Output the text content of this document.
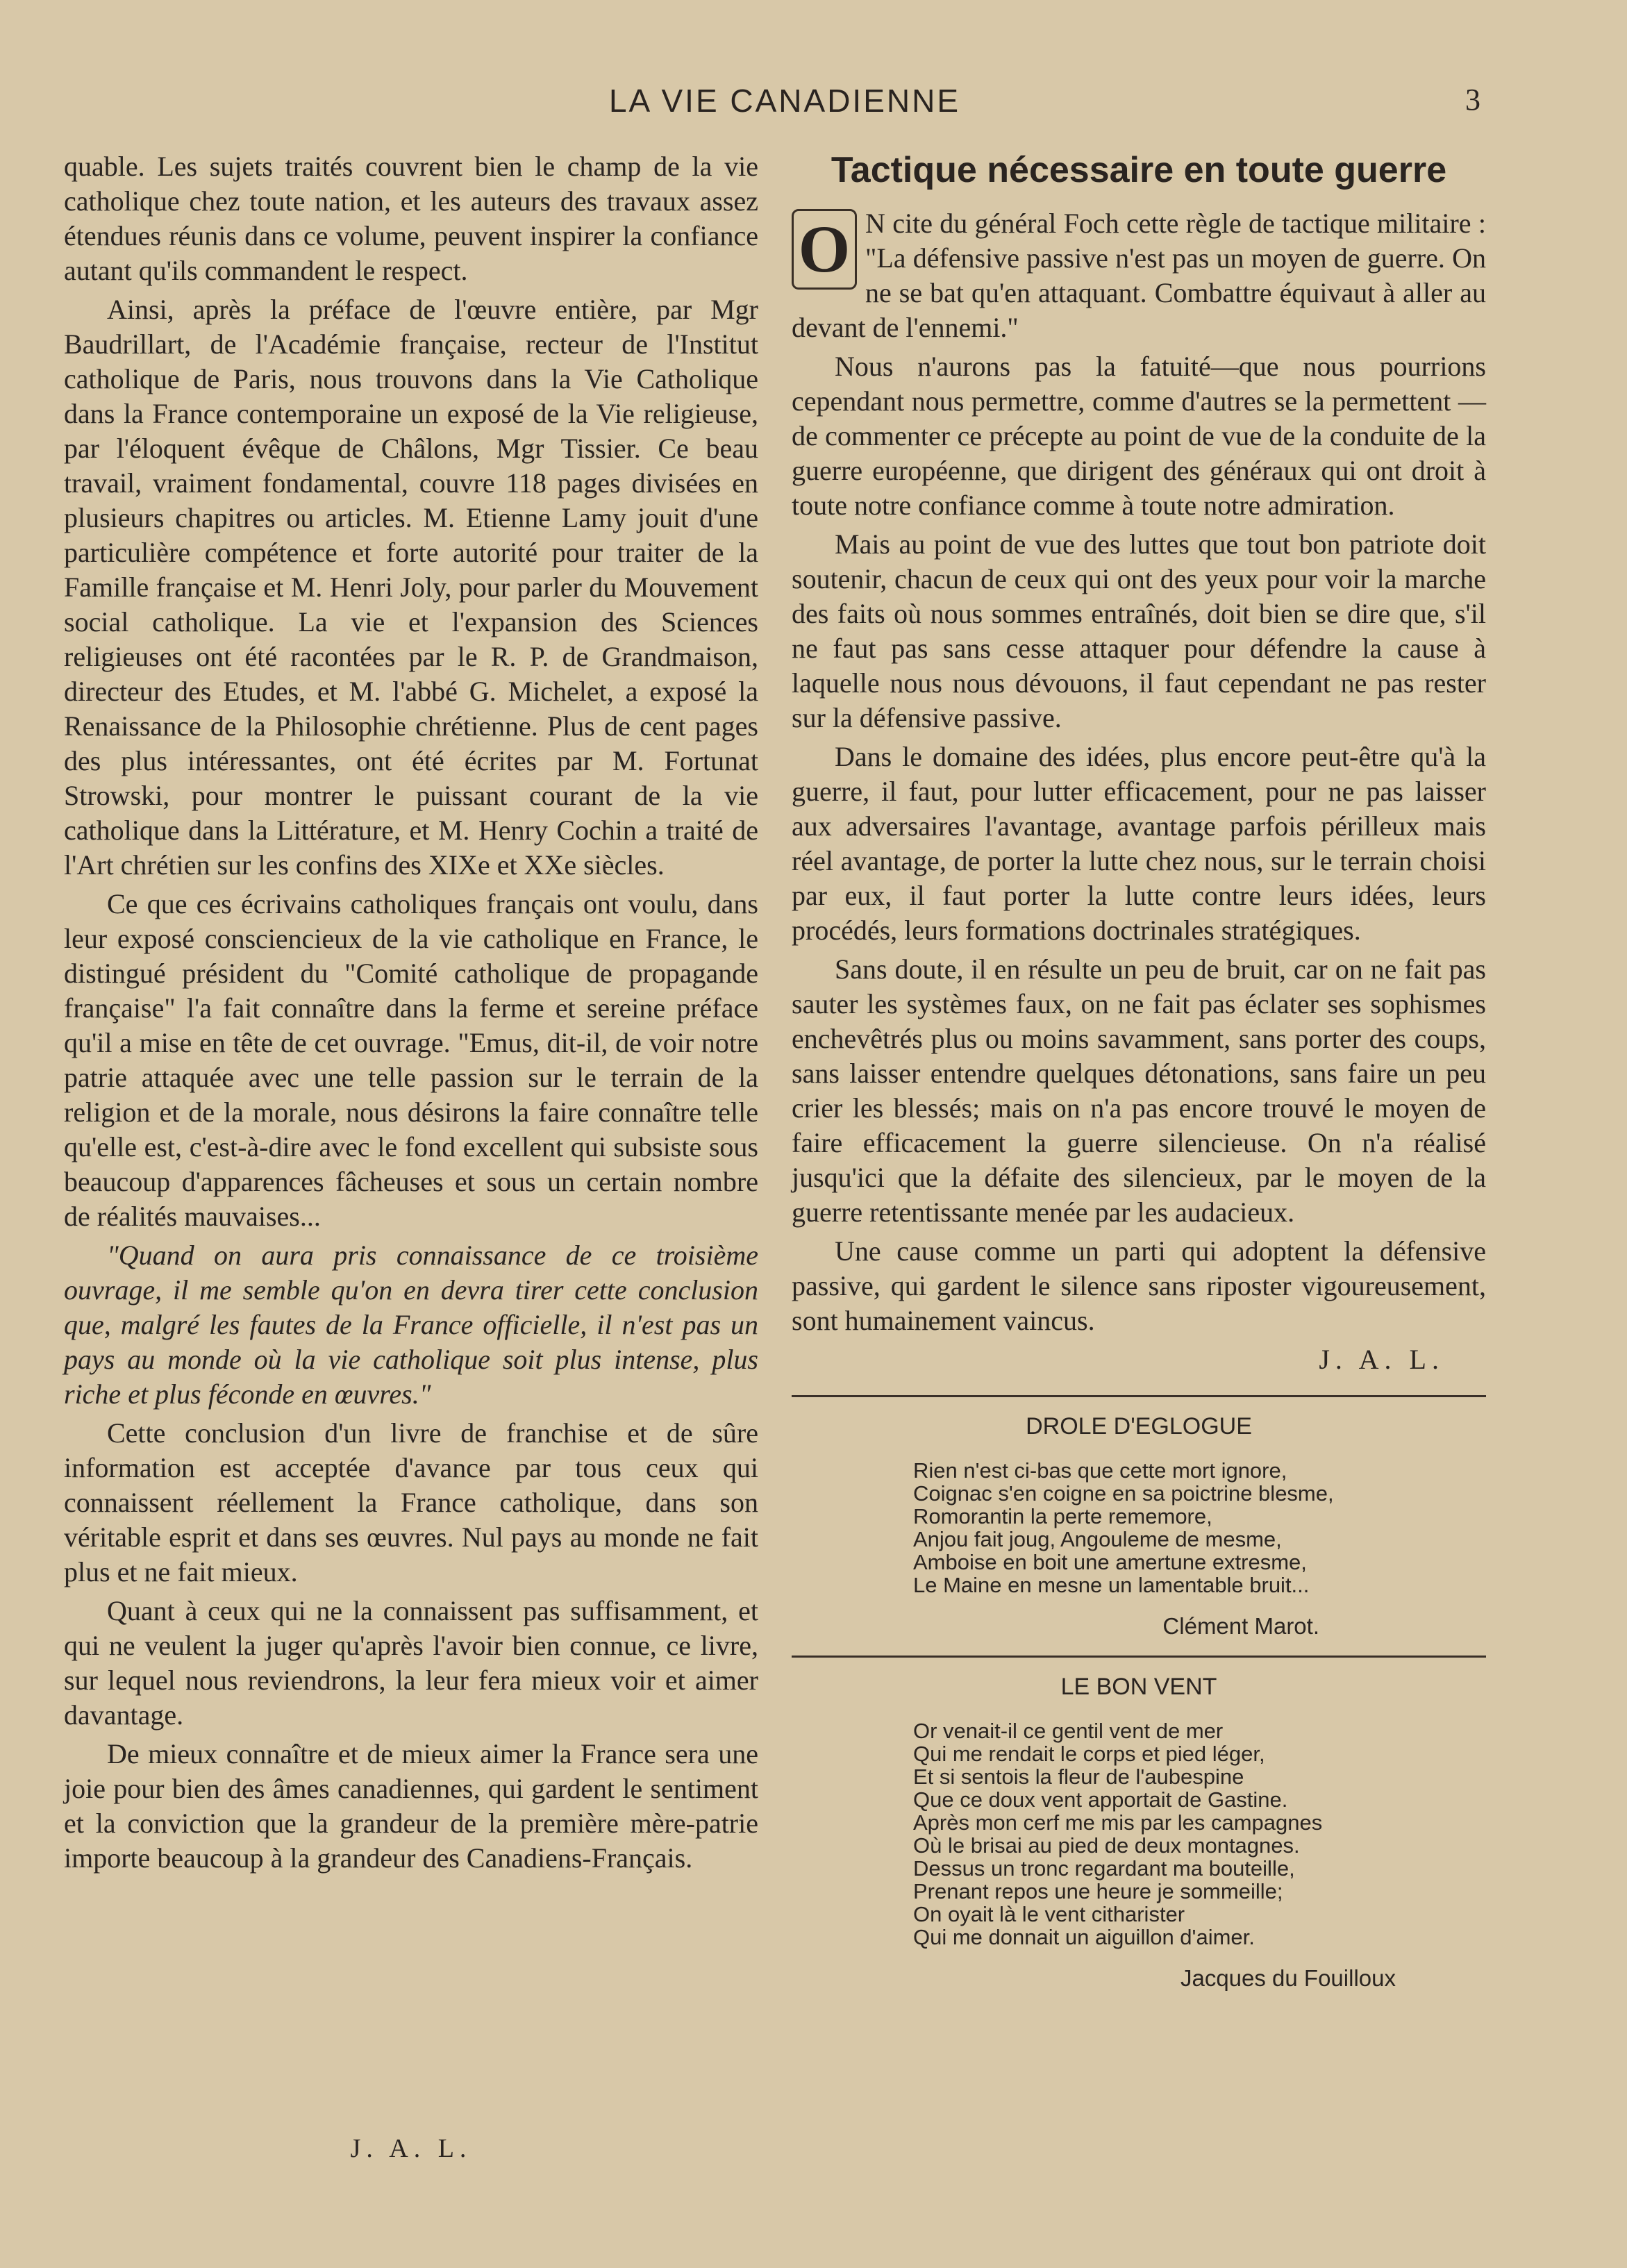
LA VIE CANADIENNE	3

quable. Les sujets traités couvrent bien le champ de la vie catholique chez toute nation, et les auteurs des travaux assez étendues réunis dans ce volume, peuvent inspirer la confiance autant qu'ils commandent le respect.

Ainsi, après la préface de l'œuvre entière, par Mgr Baudrillart, de l'Académie française, recteur de l'Institut catholique de Paris, nous trouvons dans la Vie Catholique dans la France contemporaine un exposé de la Vie religieuse, par l'éloquent évêque de Châlons, Mgr Tissier. Ce beau travail, vraiment fondamental, couvre 118 pages divisées en plusieurs chapitres ou articles. M. Etienne Lamy jouit d'une particulière compétence et forte autorité pour traiter de la Famille française et M. Henri Joly, pour parler du Mouvement social catholique. La vie et l'expansion des Sciences religieuses ont été racontées par le R. P. de Grandmaison, directeur des Etudes, et M. l'abbé G. Michelet, a exposé la Renaissance de la Philosophie chrétienne. Plus de cent pages des plus intéressantes, ont été écrites par M. Fortunat Strowski, pour montrer le puissant courant de la vie catholique dans la Littérature, et M. Henry Cochin a traité de l'Art chrétien sur les confins des XIXe et XXe siècles.

Ce que ces écrivains catholiques français ont voulu, dans leur exposé consciencieux de la vie catholique en France, le distingué président du "Comité catholique de propagande française" l'a fait connaître dans la ferme et sereine préface qu'il a mise en tête de cet ouvrage. "Emus, dit-il, de voir notre patrie attaquée avec une telle passion sur le terrain de la religion et de la morale, nous désirons la faire connaître telle qu'elle est, c'est-à-dire avec le fond excellent qui subsiste sous beaucoup d'apparences fâcheuses et sous un certain nombre de réalités mauvaises...

"Quand on aura pris connaissance de ce troisième ouvrage, il me semble qu'on en devra tirer cette conclusion que, malgré les fautes de la France officielle, il n'est pas un pays au monde où la vie catholique soit plus intense, plus riche et plus féconde en œuvres."

Cette conclusion d'un livre de franchise et de sûre information est acceptée d'avance par tous ceux qui connaissent réellement la France catholique, dans son véritable esprit et dans ses œuvres. Nul pays au monde ne fait plus et ne fait mieux.

Quant à ceux qui ne la connaissent pas suffisamment, et qui ne veulent la juger qu'après l'avoir bien connue, ce livre, sur lequel nous reviendrons, la leur fera mieux voir et aimer davantage.

De mieux connaître et de mieux aimer la France sera une joie pour bien des âmes canadiennes, qui gardent le sentiment et la conviction que la grandeur de la première mère-patrie importe beaucoup à la grandeur des Canadiens-Français.

J. A. L.
Tactique nécessaire en toute guerre
O N cite du général Foch cette règle de tactique militaire : "La défensive passive n'est pas un moyen de guerre. On ne se bat qu'en attaquant. Combattre équivaut à aller au devant de l'ennemi."

Nous n'aurons pas la fatuité—que nous pourrions cependant nous permettre, comme d'autres se la permettent — de commenter ce précepte au point de vue de la conduite de la guerre européenne, que dirigent des généraux qui ont droit à toute notre confiance comme à toute notre admiration.

Mais au point de vue des luttes que tout bon patriote doit soutenir, chacun de ceux qui ont des yeux pour voir la marche des faits où nous sommes entraînés, doit bien se dire que, s'il ne faut pas sans cesse attaquer pour défendre la cause à laquelle nous nous dévouons, il faut cependant ne pas rester sur la défensive passive.

Dans le domaine des idées, plus encore peut-être qu'à la guerre, il faut, pour lutter efficacement, pour ne pas laisser aux adversaires l'avantage, avantage parfois périlleux mais réel avantage, de porter la lutte chez nous, sur le terrain choisi par eux, il faut porter la lutte contre leurs idées, leurs procédés, leurs formations doctrinales stratégiques.

Sans doute, il en résulte un peu de bruit, car on ne fait pas sauter les systèmes faux, on ne fait pas éclater ses sophismes enchevêtrés plus ou moins savamment, sans porter des coups, sans laisser entendre quelques détonations, sans faire un peu crier les blessés; mais on n'a pas encore trouvé le moyen de faire efficacement la guerre silencieuse. On n'a réalisé jusqu'ici que la défaite des silencieux, par le moyen de la guerre retentissante menée par les audacieux.

Une cause comme un parti qui adoptent la défensive passive, qui gardent le silence sans riposter vigoureusement, sont humainement vaincus.

J. A. L.

DROLE D'EGLOGUE
Rien n'est ci-bas que cette mort ignore,
Coignac s'en coigne en sa poictrine blesme,
Romorantin la perte rememore,
Anjou fait joug, Angouleme de mesme,
Amboise en boit une amertune extresme,
Le Maine en mesne un lamentable bruit...
Clément Marot.
LE BON VENT
Or venait-il ce gentil vent de mer
Qui me rendait le corps et pied léger,
Et si sentois la fleur de l'aubespine
Que ce doux vent apportait de Gastine.
Après mon cerf me mis par les campagnes
Où le brisai au pied de deux montagnes.
Dessus un tronc regardant ma bouteille,
Prenant repos une heure je sommeille;
On oyait là le vent citharister
Qui me donnait un aiguillon d'aimer.
Jacques du Fouilloux
